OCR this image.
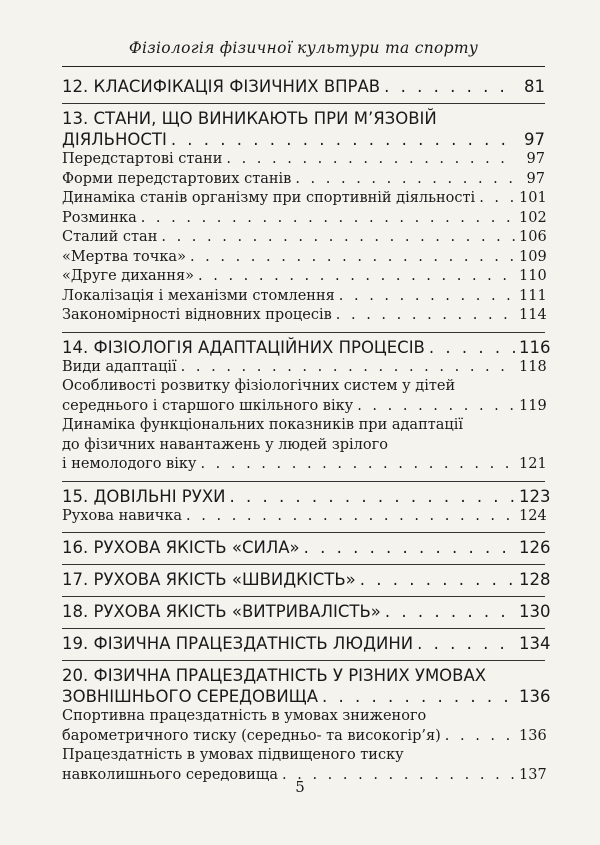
Фізіологія фізичної культури та спорту
12. КЛАСИФІКАЦІЯ ФІЗИЧНИХ ВПРАВ . . .	81
13.
СТАНИ, ЩО ВИНИКАЮТЬ ПРИ М’ЯЗОВІЙ
ДІЯЛЬНОСТІ . . .	97
Передстартові стани . . .	97
Форми передстартових станів . . .	97
Динаміка станів організму при спортивній діяльності . . .	101
Розминка . . .	102
Сталий стан . . .	106
«Мертва точка» . . .	109
«Друге дихання» . . .	110
Локалізація і механізми стомлення . . .	111
Закономірності відновних процесів . . .	114
14. ФІЗІОЛОГІЯ АДАПТАЦІЙНИХ ПРОЦЕСІВ . . .	116
Види адаптації . . .	118
Особливості розвитку фізіологічних систем у дітей
середнього і старшого шкільного віку . . .	119
Динаміка функціональних показників при адаптації
до фізичних навантажень у людей зрілого
і немолодого віку . . .	121
15. ДОВІЛЬНІ РУХИ . . .	123
Рухова навичка . . .	124
16. РУХОВА ЯКІСТЬ «СИЛА» . . .	126
17. РУХОВА ЯКІСТЬ «ШВИДКІСТЬ» . . .	128
18. РУХОВА ЯКІСТЬ «ВИТРИВАЛІСТЬ» . . .	130
19. ФІЗИЧНА ПРАЦЕЗДАТНІСТЬ ЛЮДИНИ . . .	134
20.
ФІЗИЧНА ПРАЦЕЗДАТНІСТЬ У РІЗНИХ УМОВАХ
ЗОВНІШНЬОГО СЕРЕДОВИЩА . . .	136
Спортивна працездатність в умовах зниженого
барометричного тиску (середньо- та високогір’я) . . .	136
Працездатність в умовах підвищеного тиску
навколишнього середовища . . .	137
5
